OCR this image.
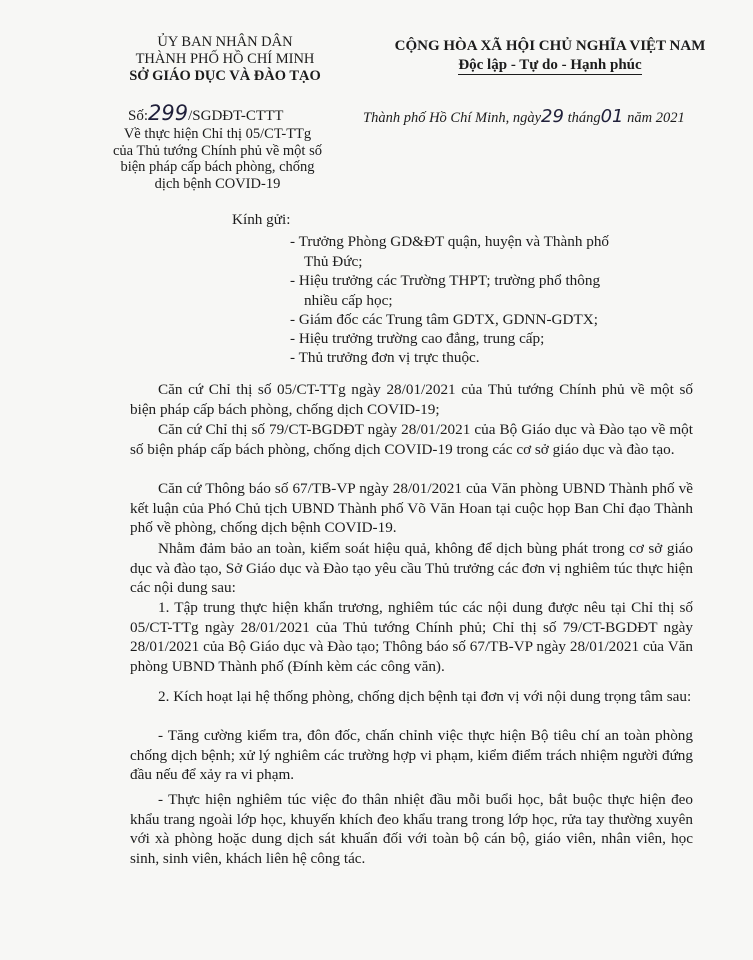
ỦY BAN NHÂN DÂN
THÀNH PHỐ HỒ CHÍ MINH
SỞ GIÁO DỤC VÀ ĐÀO TẠO
CỘNG HÒA XÃ HỘI CHỦ NGHĨA VIỆT NAM
Độc lập - Tự do - Hạnh phúc
Số:299/SGDĐT-CTTT
Về thực hiện Chỉ thị 05/CT-TTg
của Thủ tướng Chính phủ về một số
biện pháp cấp bách phòng, chống
dịch bệnh COVID-19
Thành phố Hồ Chí Minh, ngày29 tháng01 năm 2021
Kính gửi:
- Trưởng Phòng GD&ĐT quận, huyện và Thành phố
Thủ Đức;
- Hiệu trưởng các Trường THPT; trường phổ thông
nhiều cấp học;
- Giám đốc các Trung tâm GDTX, GDNN-GDTX;
- Hiệu trưởng trường cao đẳng, trung cấp;
- Thủ trưởng đơn vị trực thuộc.
Căn cứ Chỉ thị số 05/CT-TTg ngày 28/01/2021 của Thủ tướng Chính phủ về một số biện pháp cấp bách phòng, chống dịch COVID-19;
Căn cứ Chỉ thị số 79/CT-BGDĐT ngày 28/01/2021 của Bộ Giáo dục và Đào tạo về một số biện pháp cấp bách phòng, chống dịch COVID-19 trong các cơ sở giáo dục và đào tạo.
Căn cứ Thông báo số 67/TB-VP ngày 28/01/2021 của Văn phòng UBND Thành phố về kết luận của Phó Chủ tịch UBND Thành phố Võ Văn Hoan tại cuộc họp Ban Chỉ đạo Thành phố về phòng, chống dịch bệnh COVID-19.
Nhằm đảm bảo an toàn, kiểm soát hiệu quả, không để dịch bùng phát trong cơ sở giáo dục và đào tạo, Sở Giáo dục và Đào tạo yêu cầu Thủ trưởng các đơn vị nghiêm túc thực hiện các nội dung sau:
1. Tập trung thực hiện khẩn trương, nghiêm túc các nội dung được nêu tại Chỉ thị số 05/CT-TTg ngày 28/01/2021 của Thủ tướng Chính phủ; Chỉ thị số 79/CT-BGDĐT ngày 28/01/2021 của Bộ Giáo dục và Đào tạo; Thông báo số 67/TB-VP ngày 28/01/2021 của Văn phòng UBND Thành phố (Đính kèm các công văn).
2. Kích hoạt lại hệ thống phòng, chống dịch bệnh tại đơn vị với nội dung trọng tâm sau:
- Tăng cường kiểm tra, đôn đốc, chấn chỉnh việc thực hiện Bộ tiêu chí an toàn phòng chống dịch bệnh; xử lý nghiêm các trường hợp vi phạm, kiểm điểm trách nhiệm người đứng đầu nếu để xảy ra vi phạm.
- Thực hiện nghiêm túc việc đo thân nhiệt đầu mỗi buổi học, bắt buộc thực hiện đeo khẩu trang ngoài lớp học, khuyến khích đeo khẩu trang trong lớp học, rửa tay thường xuyên với xà phòng hoặc dung dịch sát khuẩn đối với toàn bộ cán bộ, giáo viên, nhân viên, học sinh, sinh viên, khách liên hệ công tác.
